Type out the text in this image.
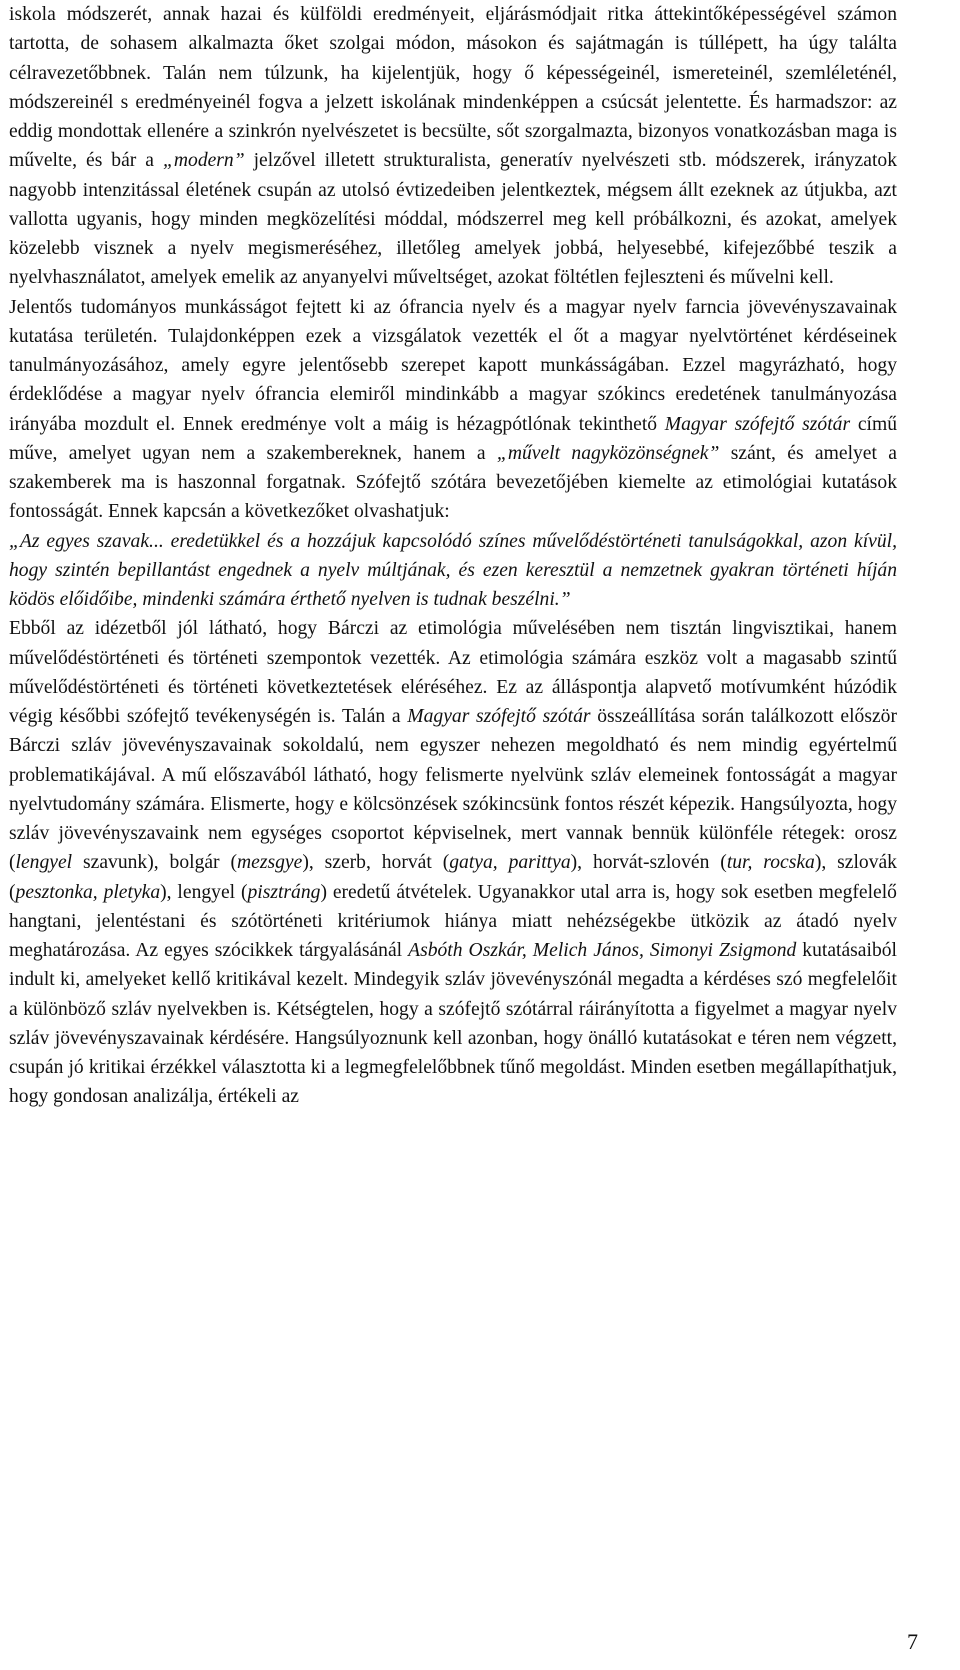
iskola módszerét, annak hazai és külföldi eredményeit, eljárásmódjait ritka áttekintőképességével számon tartotta, de sohasem alkalmazta őket szolgai módon, másokon és sajátmagán is túllépett, ha úgy találta célravezetőbbnek. Talán nem túlzunk, ha kijelentjük, hogy ő képességeinél, ismereteinél, szemléleténél, módszereinél s eredményeinél fogva a jelzett iskolának mindenképpen a csúcsát jelentette. És harmadszor: az eddig mondottak ellenére a szinkrón nyelvészetet is becsülte, sőt szorgalmazta, bizonyos vonatkozásban maga is művelte, és bár a „modern” jelzővel illetett strukturalista, generatív nyelvészeti stb. módszerek, irányzatok nagyobb intenzitással életének csupán az utolsó évtizedeiben jelentkeztek, mégsem állt ezeknek az útjukba, azt vallotta ugyanis, hogy minden megközelítési móddal, módszerrel meg kell próbálkozni, és azokat, amelyek közelebb visznek a nyelv megismeréséhez, illetőleg amelyek jobbá, helyesebbé, kifejezőbbé teszik a nyelvhasználatot, amelyek emelik az anyanyelvi műveltséget, azokat föltétlen fejleszteni és művelni kell.

Jelentős tudományos munkásságot fejtett ki az ófrancia nyelv és a magyar nyelv farncia jövevényszavainak kutatása területén. Tulajdonképpen ezek a vizsgálatok vezették el őt a magyar nyelvtörténet kérdéseinek tanulmányozásához, amely egyre jelentősebb szerepet kapott munkásságában. Ezzel magyrázható, hogy érdeklődése a magyar nyelv ófrancia elemiről mindinkább a magyar szókincs eredetének tanulmányozása irányába mozdult el. Ennek eredménye volt a máig is hézagpótlónak tekinthető Magyar szófejtő szótár című műve, amelyet ugyan nem a szakembereknek, hanem a „művelt nagyközönségnek” szánt, és amelyet a szakemberek ma is haszonnal forgatnak. Szófejtő szótára bevezetőjében kiemelte az etimológiai kutatások fontosságát. Ennek kapcsán a következőket olvashatjuk:

„Az egyes szavak... eredetükkel és a hozzájuk kapcsolódó színes művelődéstörténeti tanulságokkal, azon kívül, hogy szintén bepillantást engednek a nyelv múltjának, és ezen keresztül a nemzetnek gyakran történeti híján ködös előidőibe, mindenki számára érthető nyelven is tudnak beszélni.”

Ebből az idézetből jól látható, hogy Bárczi az etimológia művelésében nem tisztán lingvisztikai, hanem művelődéstörténeti és történeti szempontok vezették. Az etimológia számára eszköz volt a magasabb szintű művelődéstörténeti és történeti következtetések eléréséhez. Ez az álláspontja alapvető motívumként húzódik végig későbbi szófejtő tevékenységén is. Talán a Magyar szófejtő szótár összeállítása során találkozott először Bárczi szláv jövevényszavainak sokoldalú, nem egyszer nehezen megoldható és nem mindig egyértelmű problematikájával. A mű előszavából látható, hogy felismerte nyelvünk szláv elemeinek fontosságát a magyar nyelvtudomány számára. Elismerte, hogy e kölcsönzések szókincsünk fontos részét képezik. Hangsúlyozta, hogy szláv jövevényszavaink nem egységes csoportot képviselnek, mert vannak bennük különféle rétegek: orosz (lengyel szavunk), bolgár (mezsgye), szerb, horvát (gatya, parittya), horvát-szlovén (tur, rocska), szlovák (pesztonka, pletyka), lengyel (pisztráng) eredetű átvételek. Ugyanakkor utal arra is, hogy sok esetben megfelelő hangtani, jelentéstani és szótörténeti kritériumok hiánya miatt nehézségekbe ütközik az átadó nyelv meghatározása. Az egyes szócikkek tárgyalásánál Asbóth Oszkár, Melich János, Simonyi Zsigmond kutatásaiból indult ki, amelyeket kellő kritikával kezelt. Mindegyik szláv jövevényszónál megadta a kérdéses szó megfelelőit a különböző szláv nyelvekben is. Kétségtelen, hogy a szófejtő szótárral ráirányította a figyelmet a magyar nyelv szláv jövevényszavainak kérdésére. Hangsúlyoznunk kell azonban, hogy önálló kutatásokat e téren nem végzett, csupán jó kritikai érzékkel választotta ki a legmegfelelőbbnek tűnő megoldást. Minden esetben megállapíthatjuk, hogy gondosan analizálja, értékeli az

7
